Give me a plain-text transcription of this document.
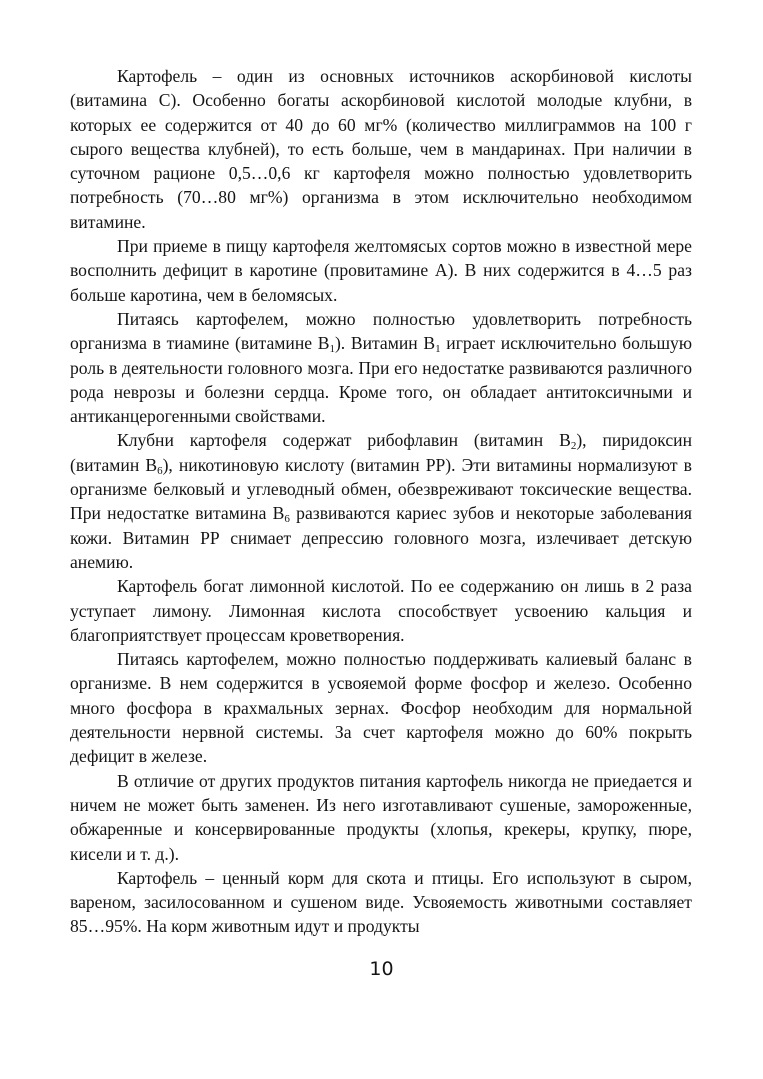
Картофель – один из основных источников аскорбиновой кислоты (витамина С). Особенно богаты аскорбиновой кислотой молодые клубни, в которых ее содержится от 40 до 60 мг% (количество миллиграммов на 100 г сырого вещества клубней), то есть больше, чем в мандаринах. При наличии в суточном рационе 0,5…0,6 кг картофеля можно полностью удовлетворить потребность (70…80 мг%) организма в этом исключительно необходимом витамине.

При приеме в пищу картофеля желтомясых сортов можно в известной мере восполнить дефицит в каротине (провитамине А). В них содержится в 4…5 раз больше каротина, чем в беломясых.

Питаясь картофелем, можно полностью удовлетворить потребность организма в тиамине (витамине $В_1$). Витамин $В_1$ играет исключительно большую роль в деятельности головного мозга. При его недостатке развиваются различного рода неврозы и болезни сердца. Кроме того, он обладает антитоксичными и антиканцерогенными свойствами.

Клубни картофеля содержат рибофлавин (витамин $В_2$), пиридоксин (витамин $В_6$), никотиновую кислоту (витамин РР). Эти витамины нормализуют в организме белковый и углеводный обмен, обезвреживают токсические вещества. При недостатке витамина $В_6$ развиваются кариес зубов и некоторые заболевания кожи. Витамин РР снимает депрессию головного мозга, излечивает детскую анемию.

Картофель богат лимонной кислотой. По ее содержанию он лишь в 2 раза уступает лимону. Лимонная кислота способствует усвоению кальция и благоприятствует процессам кроветворения.

Питаясь картофелем, можно полностью поддерживать калиевый баланс в организме. В нем содержится в усвояемой форме фосфор и железо. Особенно много фосфора в крахмальных зернах. Фосфор необходим для нормальной деятельности нервной системы. За счет картофеля можно до 60% покрыть дефицит в железе.

В отличие от других продуктов питания картофель никогда не приедается и ничем не может быть заменен. Из него изготавливают сушеные, замороженные, обжаренные и консервированные продукты (хлопья, крекеры, крупку, пюре, кисели и т. д.).

Картофель – ценный корм для скота и птицы. Его используют в сыром, вареном, засилосованном и сушеном виде. Усвояемость животными составляет 85…95%. На корм животным идут и продукты

10
